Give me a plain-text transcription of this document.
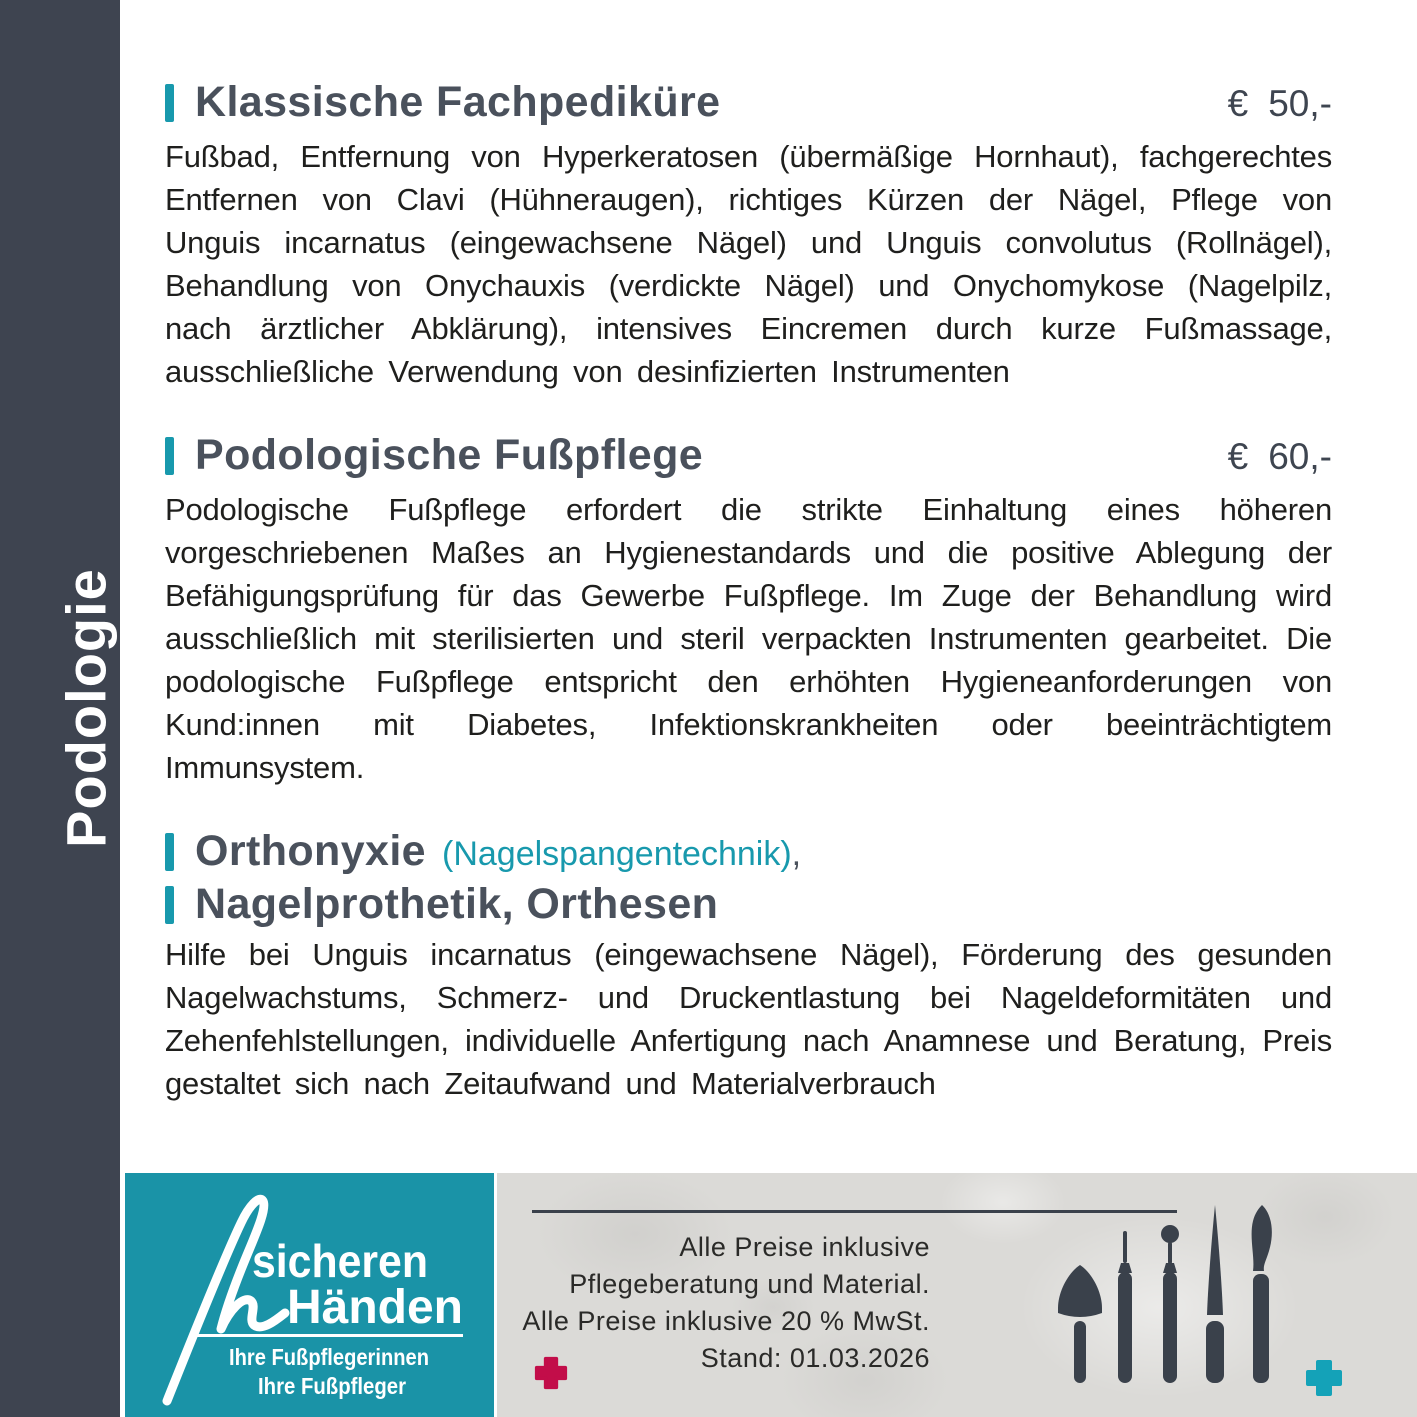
Podologie
Klassische Fachpediküre	€ 50,-

Fußbad, Entfernung von Hyperkeratosen (übermäßige Hornhaut), fachgerechtes Entfernen von Clavi (Hühneraugen), richtiges Kürzen der Nägel, Pflege von Unguis incarnatus (eingewachsene Nägel) und Unguis convolutus (Rollnägel), Behandlung von Onychauxis (verdickte Nägel) und Onychomykose (Nagelpilz, nach ärztlicher Abklärung), intensives Eincremen durch kurze Fußmassage, ausschließliche Verwendung von desinfizierten Instrumenten

Podologische Fußpflege	€ 60,-

Podologische Fußpflege erfordert die strikte Einhaltung eines höheren vorgeschriebenen Maßes an Hygienestandards und die positive Ablegung der Befähigungsprüfung für das Gewerbe Fußpflege. Im Zuge der Behandlung wird ausschließlich mit sterilisierten und steril verpackten Instrumenten gearbeitet. Die podologische Fußpflege entspricht den erhöhten Hygieneanforderungen von Kund:innen mit Diabetes, Infektionskrankheiten oder beeinträchtigtem Immunsystem.

Orthonyxie (Nagelspangentechnik) ,
Nagelprothetik, Orthesen

Hilfe bei Unguis incarnatus (eingewachsene Nägel), Förderung des gesunden Nagelwachstums, Schmerz- und Druckentlastung bei Nageldeformitäten und Zehenfehlstellungen, individuelle Anfertigung nach Anamnese und Beratung, Preis gestaltet sich nach Zeitaufwand und Materialverbrauch

sicheren
Händen
Ihre Fußpflegerinnen
Ihre Fußpfleger
Alle Preise inklusive
Pflegeberatung und Material.
Alle Preise inklusive 20 % MwSt.
Stand: 01.03.2026
